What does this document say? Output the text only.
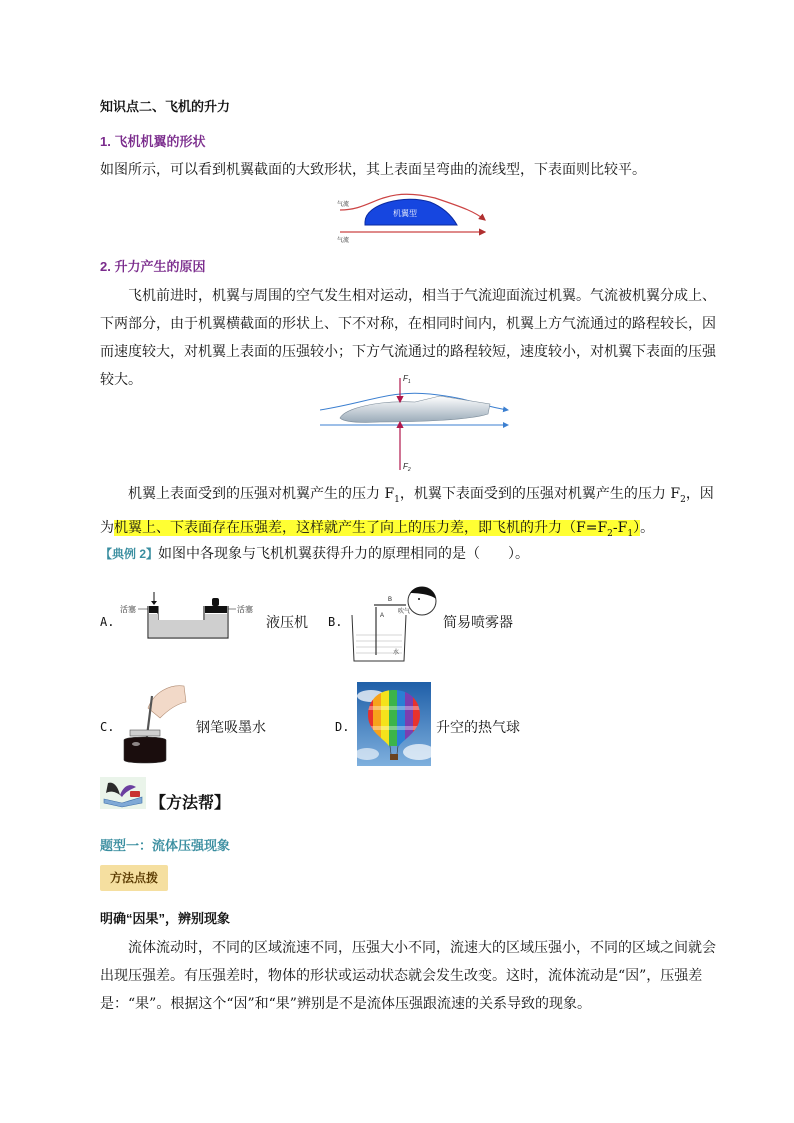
知识点二、飞机的升力
1. 飞机机翼的形状
如图所示，可以看到机翼截面的大致形状，其上表面呈弯曲的流线型，下表面则比较平。
机翼型
气流
气流
2. 升力产生的原因
飞机前进时，机翼与周围的空气发生相对运动，相当于气流迎面流过机翼。气流被机翼分成上、下两部分，由于机翼横截面的形状上、下不对称，在相同时间内，机翼上方气流通过的路程较长，因而速度较大，对机翼上表面的压强较小；下方气流通过的路程较短，速度较小，对机翼下表面的压强较大。	$F_1$
$F_2$
机翼上表面受到的压强对机翼产生的压力 $F_1$，机翼下表面受到的压强对机翼产生的压力 $F_2$，因为机翼上、下表面存在压强差，这样就产生了向上的压力差，即飞机的升力$(F=F_2-F_1)$。
【典例 2】如图中各现象与飞机机翼获得升力的原理相同的是（　　）。
A.
活塞	活塞
液压机 B.	A
B
吹气
水
简易喷雾器
C.	钢笔吸墨水	D.	升空的热气球
【方法帮】
题型一：流体压强现象
方法点拨
明确“因果”，辨别现象
流体流动时，不同的区域流速不同，压强大小不同，流速大的区域压强小，不同的区域之间就会出现压强差。有压强差时，物体的形状或运动状态就会发生改变。这时，流体流动是“因”，压强差是：“果”。根据这个“因”和“果”辨别是不是流体压强跟流速的关系导致的现象。
